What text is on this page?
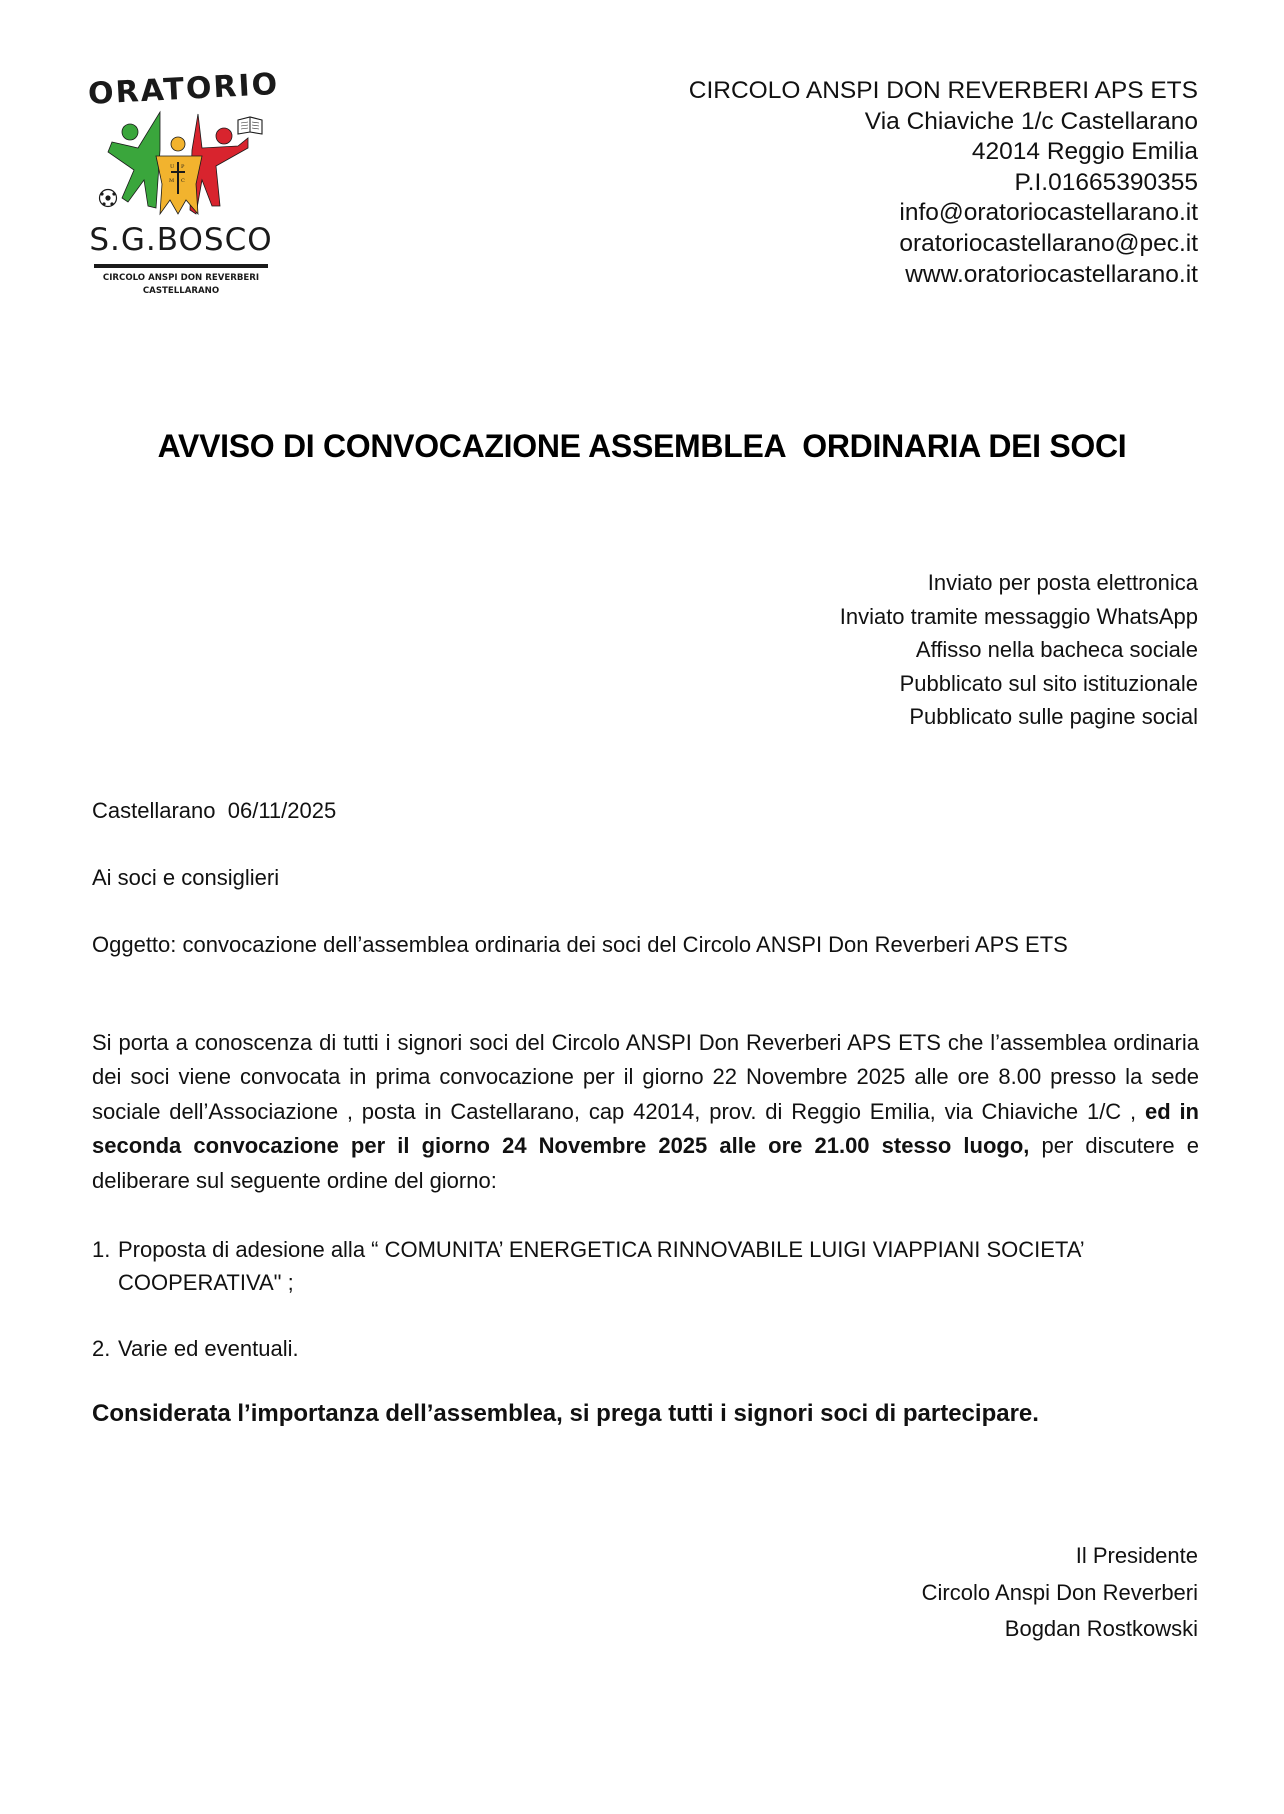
ORATORIO
U P
M C
S.G.BOSCO
CIRCOLO ANSPI DON REVERBERI
CASTELLARANO
CIRCOLO ANSPI DON REVERBERI APS ETS
Via Chiaviche 1/c Castellarano
42014 Reggio Emilia
P.I.01665390355
info@oratoriocastellarano.it
oratoriocastellarano@pec.it
www.oratoriocastellarano.it
AVVISO DI CONVOCAZIONE ASSEMBLEA  ORDINARIA DEI SOCI
Inviato per posta elettronica
Inviato tramite messaggio WhatsApp
Affisso nella bacheca sociale
Pubblicato sul sito istituzionale
Pubblicato sulle pagine social
Castellarano  06/11/2025
Ai soci e consiglieri
Oggetto: convocazione dell’assemblea ordinaria dei soci del Circolo ANSPI Don Reverberi APS ETS
Si porta a conoscenza di tutti i signori soci del Circolo ANSPI Don Reverberi APS ETS che l’assemblea ordinaria dei soci viene convocata in prima convocazione per il giorno 22 Novembre 2025 alle ore 8.00 presso la sede sociale dell’Associazione , posta in Castellarano, cap 42014, prov. di Reggio Emilia, via Chiaviche 1/C , ed in seconda convocazione per il giorno 24 Novembre 2025 alle ore 21.00 stesso luogo, per discutere e deliberare sul seguente ordine del giorno:
1. Proposta di adesione alla “ COMUNITA’ ENERGETICA RINNOVABILE LUIGI VIAPPIANI SOCIETA’ COOPERATIVA" ;
2. Varie ed eventuali.
Considerata l’importanza dell’assemblea, si prega tutti i signori soci di partecipare.
Il Presidente
Circolo Anspi Don Reverberi
Bogdan Rostkowski
